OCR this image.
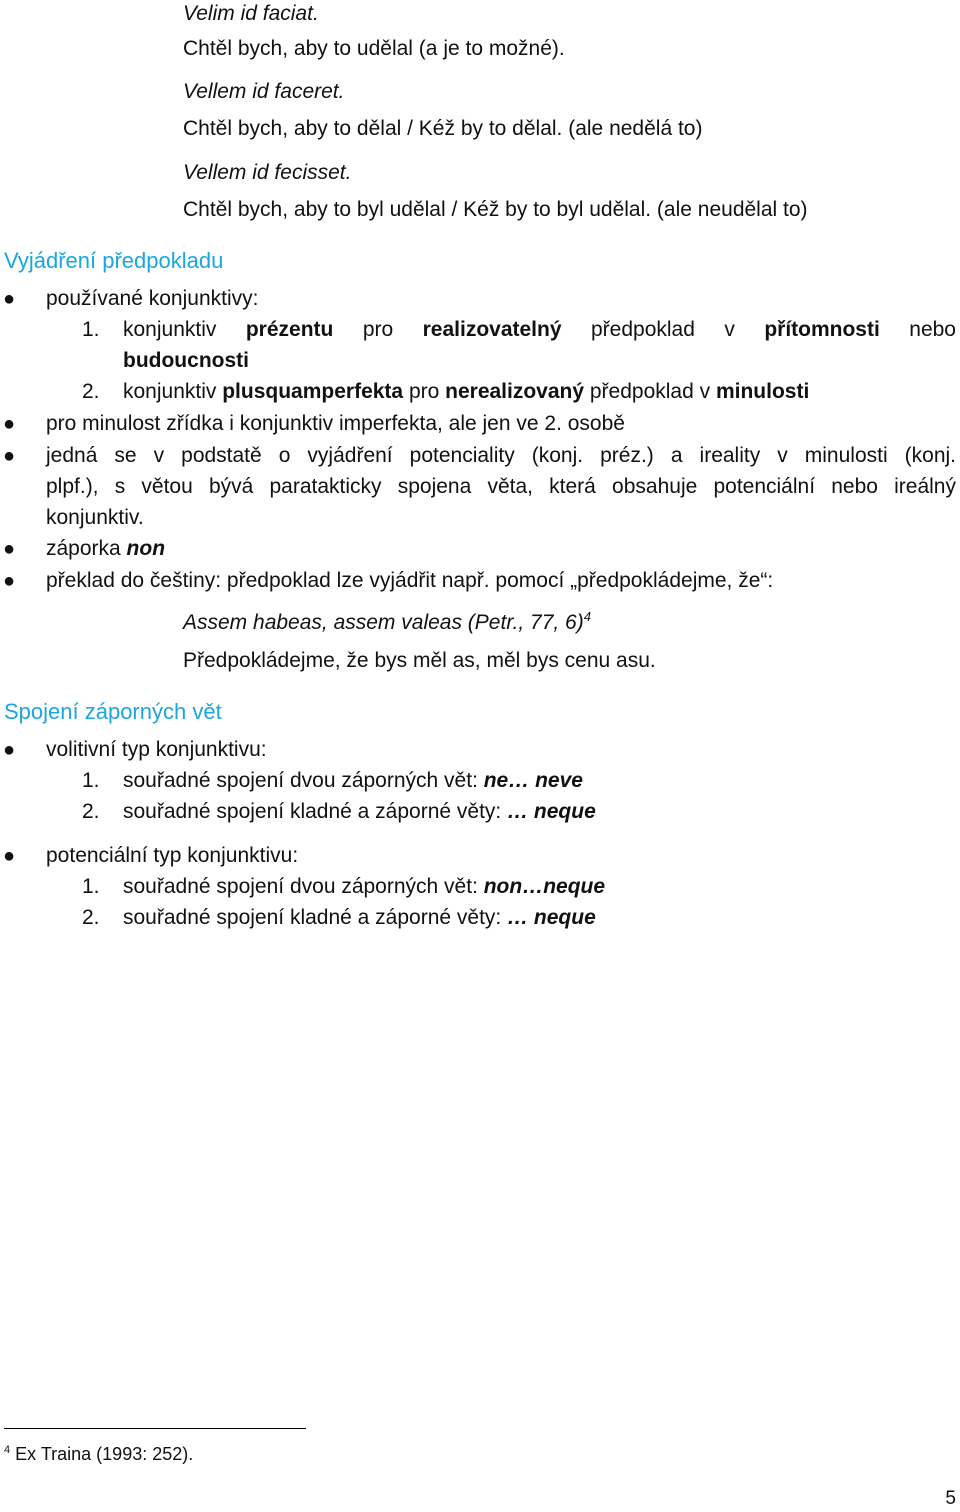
Velim id faciat.
Chtěl bych, aby to udělal (a je to možné).
Vellem id faceret.
Chtěl bych, aby to dělal / Kéž by to dělal. (ale nedělá to)
Vellem id fecisset.
Chtěl bych, aby to byl udělal / Kéž by to byl udělal. (ale neudělal to)
Vyjádření předpokladu
● používané konjunktivy:
1. konjunktiv prézentu pro realizovatelný předpoklad v přítomnosti nebo
budoucnosti
2. konjunktiv plusquamperfekta pro nerealizovaný předpoklad v minulosti
● pro minulost zřídka i konjunktiv imperfekta, ale jen ve 2. osobě
● jedná se v podstatě o vyjádření potenciality (konj. préz.) a ireality v minulosti (konj.
plpf.), s větou bývá paratakticky spojena věta, která obsahuje potenciální nebo ireálný
konjunktiv.
● záporka non
● překlad do češtiny: předpoklad lze vyjádřit např. pomocí „předpokládejme, že“:
Assem habeas, assem valeas (Petr., 77, 6)$^4$
Předpokládejme, že bys měl as, měl bys cenu asu.
Spojení záporných vět
● volitivní typ konjunktivu:
1. souřadné spojení dvou záporných vět: ne… neve
2. souřadné spojení kladné a záporné věty: … neque
● potenciální typ konjunktivu:
1. souřadné spojení dvou záporných vět: non…neque
2. souřadné spojení kladné a záporné věty: … neque
$^4$ Ex Traina (1993: 252).
5
